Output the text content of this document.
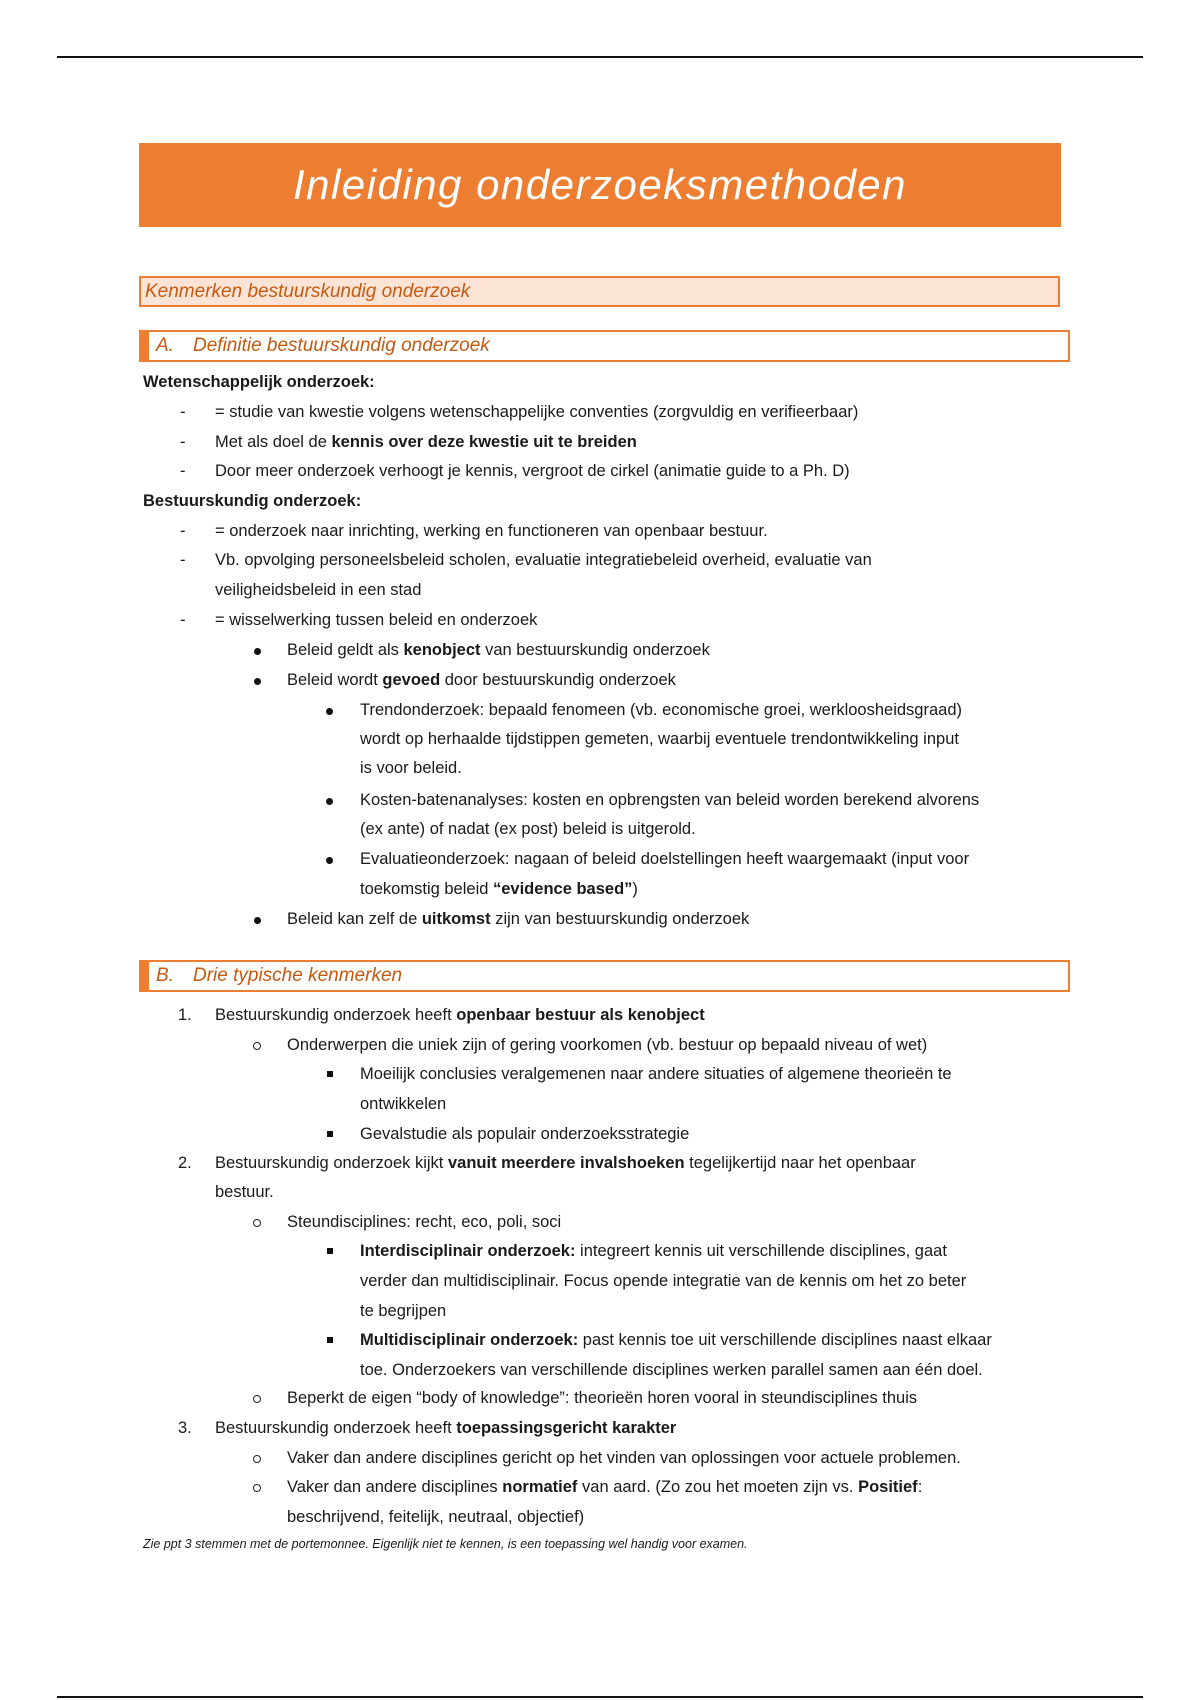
Inleiding onderzoeksmethoden
Kenmerken bestuurskundig onderzoek
A. Definitie bestuurskundig onderzoek
Wetenschappelijk onderzoek:
-
= studie van kwestie volgens wetenschappelijke conventies (zorgvuldig en verifieerbaar)
-
Met als doel de kennis over deze kwestie uit te breiden
-
Door meer onderzoek verhoogt je kennis, vergroot de cirkel (animatie guide to a Ph. D)
Bestuurskundig onderzoek:
-
= onderzoek naar inrichting, werking en functioneren van openbaar bestuur.
-
Vb. opvolging personeelsbeleid scholen, evaluatie integratiebeleid overheid, evaluatie van
veiligheidsbeleid in een stad
-
= wisselwerking tussen beleid en onderzoek
Beleid geldt als kenobject van bestuurskundig onderzoek
Beleid wordt gevoed door bestuurskundig onderzoek
Trendonderzoek: bepaald fenomeen (vb. economische groei, werkloosheidsgraad)
wordt op herhaalde tijdstippen gemeten, waarbij eventuele trendontwikkeling input
is voor beleid.
Kosten-batenanalyses: kosten en opbrengsten van beleid worden berekend alvorens
(ex ante) of nadat (ex post) beleid is uitgerold.
Evaluatieonderzoek: nagaan of beleid doelstellingen heeft waargemaakt (input voor
toekomstig beleid “evidence based”)
Beleid kan zelf de uitkomst zijn van bestuurskundig onderzoek
B. Drie typische kenmerken
1. Bestuurskundig onderzoek heeft openbaar bestuur als kenobject
Onderwerpen die uniek zijn of gering voorkomen (vb. bestuur op bepaald niveau of wet)
Moeilijk conclusies veralgemenen naar andere situaties of algemene theorieën te
ontwikkelen
Gevalstudie als populair onderzoeksstrategie
2. Bestuurskundig onderzoek kijkt vanuit meerdere invalshoeken tegelijkertijd naar het openbaar
bestuur.
Steundisciplines: recht, eco, poli, soci
Interdisciplinair onderzoek: integreert kennis uit verschillende disciplines, gaat
verder dan multidisciplinair. Focus opende integratie van de kennis om het zo beter
te begrijpen
Multidisciplinair onderzoek: past kennis toe uit verschillende disciplines naast elkaar
toe. Onderzoekers van verschillende disciplines werken parallel samen aan één doel.
Beperkt de eigen “body of knowledge”: theorieën horen vooral in steundisciplines thuis
3. Bestuurskundig onderzoek heeft toepassingsgericht karakter
Vaker dan andere disciplines gericht op het vinden van oplossingen voor actuele problemen.
Vaker dan andere disciplines normatief van aard. (Zo zou het moeten zijn vs. Positief:
beschrijvend, feitelijk, neutraal, objectief)
Zie ppt 3 stemmen met de portemonnee. Eigenlijk niet te kennen, is een toepassing wel handig voor examen.
